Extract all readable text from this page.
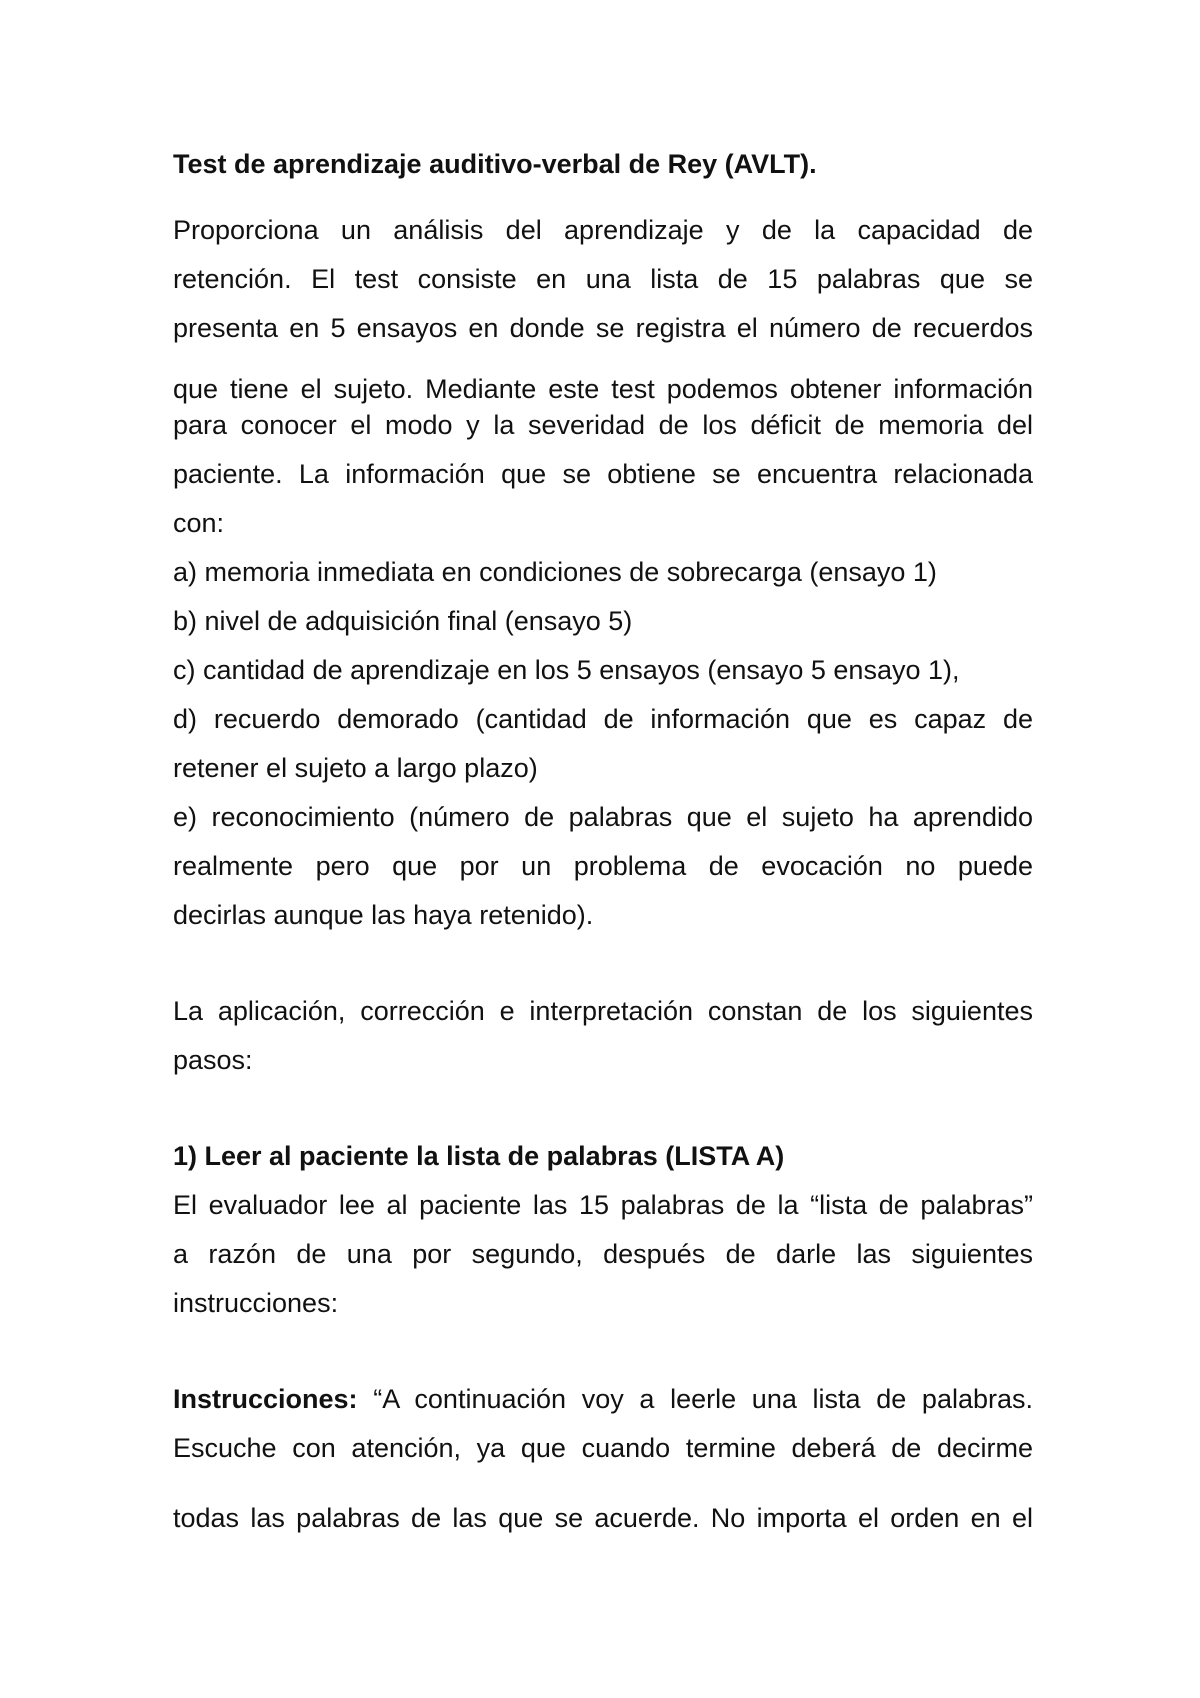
Test de aprendizaje auditivo-verbal de Rey (AVLT).
Proporciona un análisis del aprendizaje y de la capacidad de
retención. El test consiste en una lista de 15 palabras que se
presenta en 5 ensayos en donde se registra el número de recuerdos
que tiene el sujeto. Mediante este test podemos obtener información
para conocer el modo y la severidad de los déficit de memoria del
paciente. La información que se obtiene se encuentra relacionada
con:
a) memoria inmediata en condiciones de sobrecarga (ensayo 1)
b) nivel de adquisición final (ensayo 5)
c) cantidad de aprendizaje en los 5 ensayos (ensayo 5 ensayo 1),
d) recuerdo demorado (cantidad de información que es capaz de
retener el sujeto a largo plazo)
e) reconocimiento (número de palabras que el sujeto ha aprendido
realmente pero que por un problema de evocación no puede
decirlas aunque las haya retenido).
La aplicación, corrección e interpretación constan de los siguientes
pasos:
1) Leer al paciente la lista de palabras (LISTA A)
El evaluador lee al paciente las 15 palabras de la “lista de palabras”
a razón de una por segundo, después de darle las siguientes
instrucciones:
Instrucciones: “A continuación voy a leerle una lista de palabras.
Escuche con atención, ya que cuando termine deberá de decirme
todas las palabras de las que se acuerde. No importa el orden en el
